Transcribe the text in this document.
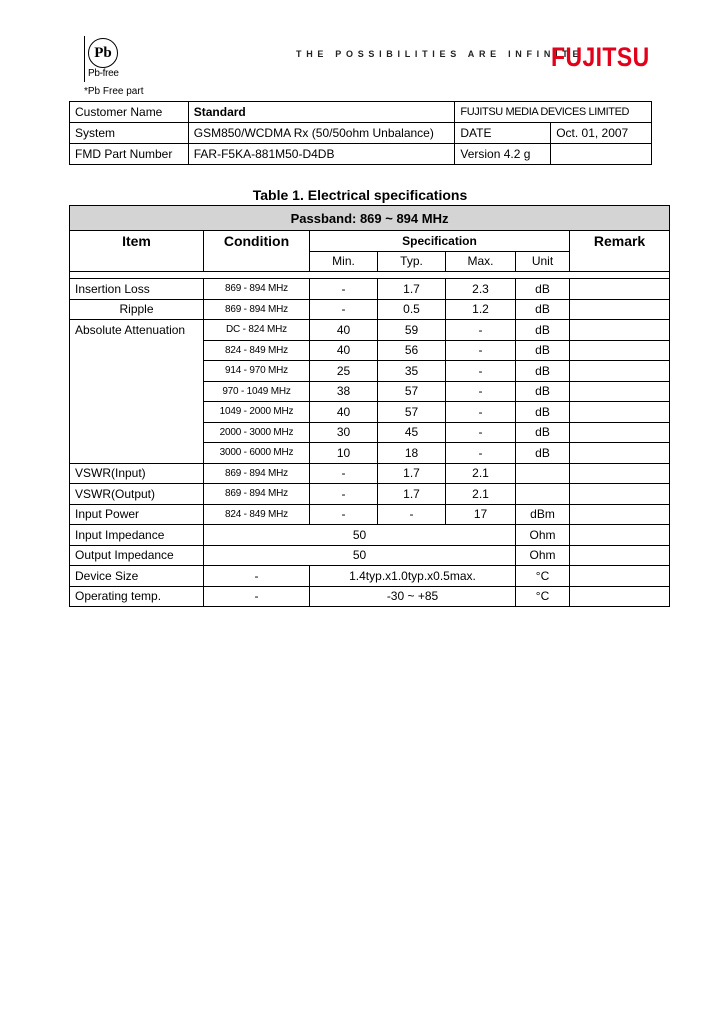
Pb
Pb-free
*Pb Free part
THE POSSIBILITIES ARE INFINITE
FUJITSU
Customer Name	Standard	FUJITSU MEDIA DEVICES LIMITED	
System	GSM850/WCDMA Rx (50/50ohm Unbalance)	DATE	Oct. 01, 2007
FMD Part Number	FAR-F5KA-881M50-D4DB	Version 4.2 g	
Table 1. Electrical specifications
Passband: 869 ~ 894 MHz						
Item	Condition	Specification				Remark
		Min.	Typ.	Max.	Unit	

Insertion Loss	869 - 894 MHz	-	1.7	2.3	dB	
Ripple	869 - 894 MHz	-	0.5	1.2	dB	
Absolute Attenuation	DC - 824 MHz	40	59	-	dB	
	824 - 849 MHz	40	56	-	dB	
	914 - 970 MHz	25	35	-	dB	
	970 - 1049 MHz	38	57	-	dB	
	1049 - 2000 MHz	40	57	-	dB	
	2000 - 3000 MHz	30	45	-	dB	
	3000 - 6000 MHz	10	18	-	dB	
VSWR(Input)	869 - 894 MHz	-	1.7	2.1		
VSWR(Output)	869 - 894 MHz	-	1.7	2.1		
Input Power	824 - 849 MHz	-	-	17	dBm	
Input Impedance	50				Ohm	
Output Impedance	50				Ohm	
Device Size	-	1.4typ.x1.0typ.x0.5max.			°C	
Operating temp.	-	-30 ~ +85			°C	
